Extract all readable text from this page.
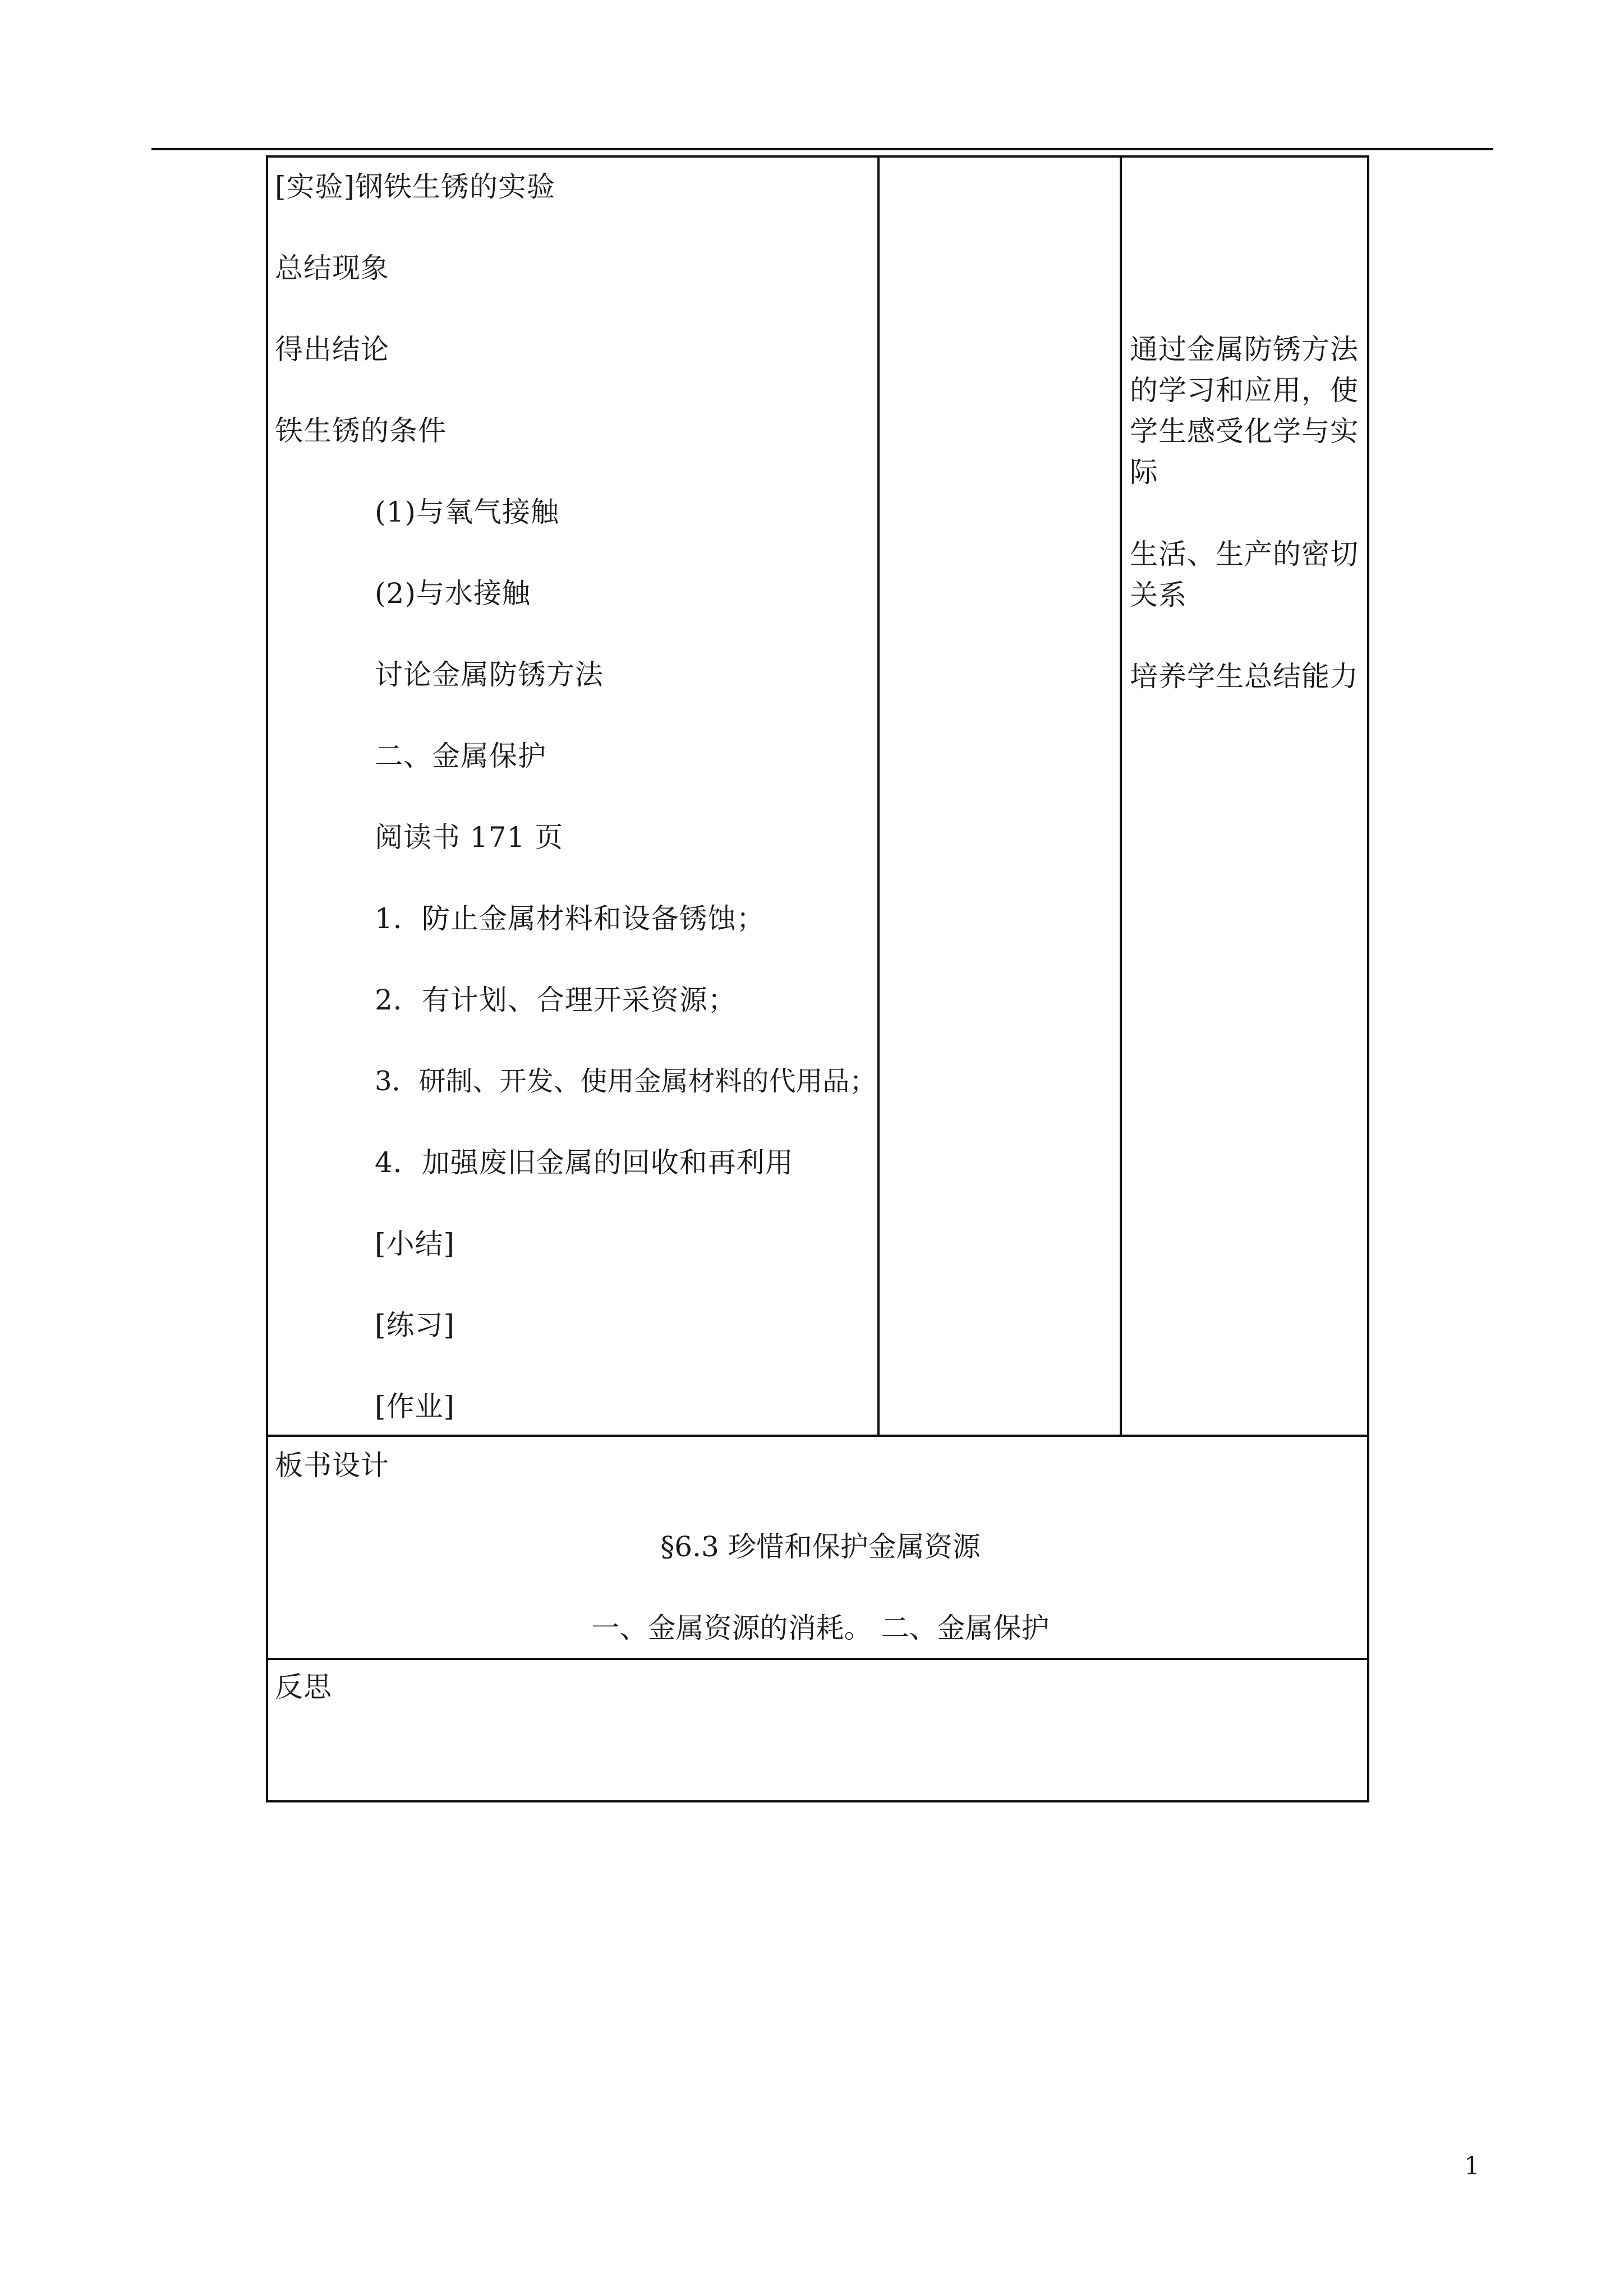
[实验]钢铁生锈的实验
总结现象
得出结论
铁生锈的条件
(1)与氧气接触
(2)与水接触
讨论金属防锈方法
二、金属保护
阅读书 171 页
1．防止金属材料和设备锈蚀；
2．有计划、合理开采资源；
3．研制、开发、使用金属材料的代用品；
4．加强废旧金属的回收和再利用
[小结]
[练习]
[作业]
通过金属防锈方法
的学习和应用，使
学生感受化学与实
际
生活、生产的密切
关系
培养学生总结能力
板书设计
§6.3 珍惜和保护金属资源
一、金属资源的消耗。 二、金属保护
反思
1
